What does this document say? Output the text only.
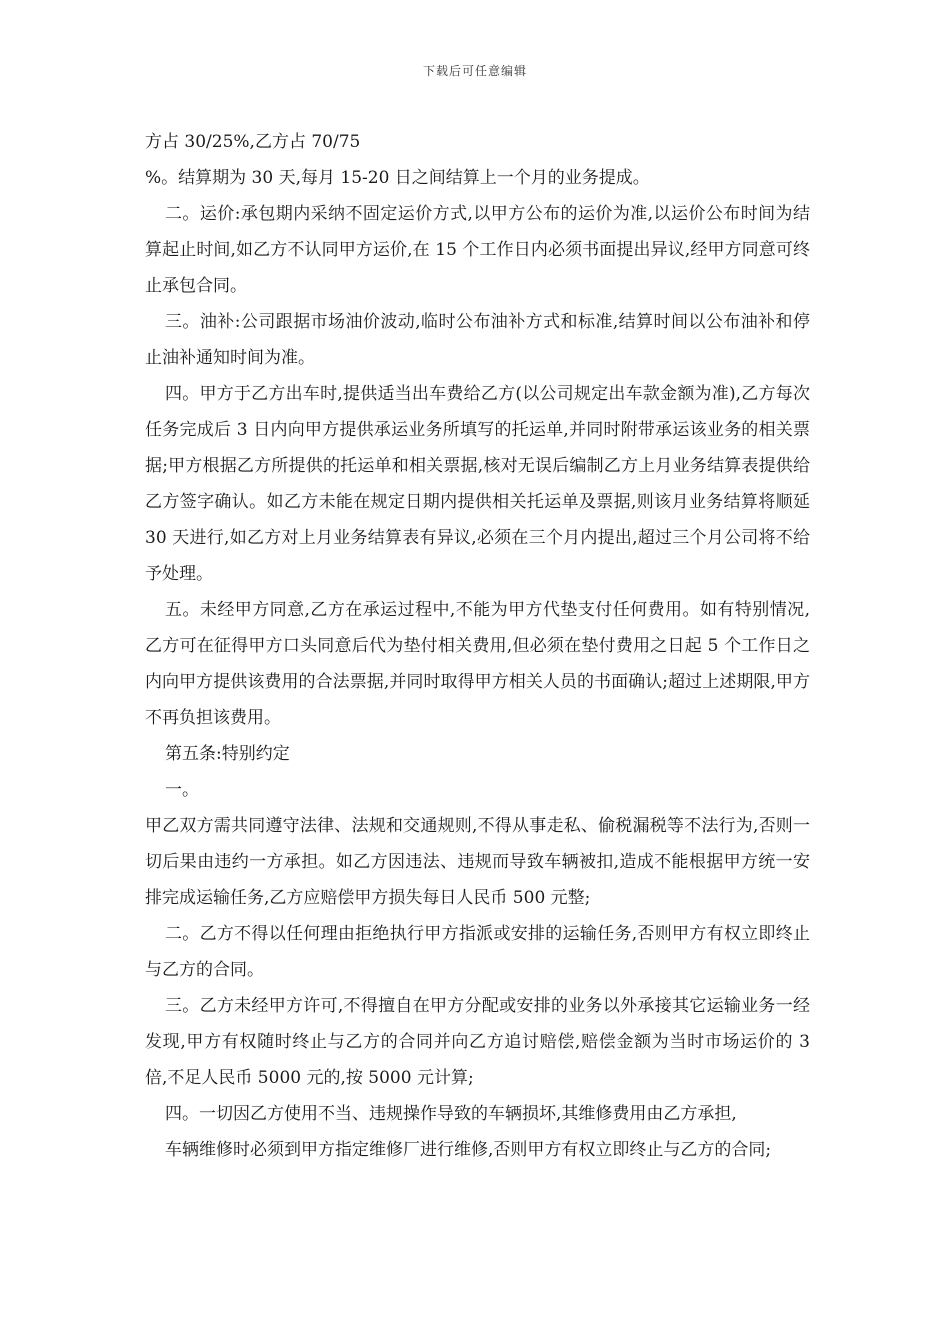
下载后可任意编辑

方占 30/25%,乙方占 70/75

%。结算期为 30 天,每月 15-20 日之间结算上一个月的业务提成。

二。运价:承包期内采纳不固定运价方式,以甲方公布的运价为准,以运价公布时间为结算起止时间,如乙方不认同甲方运价,在 15 个工作日内必须书面提出异议,经甲方同意可终止承包合同。

三。油补:公司跟据市场油价波动,临时公布油补方式和标准,结算时间以公布油补和停止油补通知时间为准。

四。甲方于乙方出车时,提供适当出车费给乙方(以公司规定出车款金额为准),乙方每次任务完成后 3 日内向甲方提供承运业务所填写的托运单,并同时附带承运该业务的相关票据;甲方根据乙方所提供的托运单和相关票据,核对无误后编制乙方上月业务结算表提供给乙方签字确认。如乙方未能在规定日期内提供相关托运单及票据,则该月业务结算将顺延 30 天进行,如乙方对上月业务结算表有异议,必须在三个月内提出,超过三个月公司将不给予处理。

五。未经甲方同意,乙方在承运过程中,不能为甲方代垫支付任何费用。如有特别情况,乙方可在征得甲方口头同意后代为垫付相关费用,但必须在垫付费用之日起 5 个工作日之内向甲方提供该费用的合法票据,并同时取得甲方相关人员的书面确认;超过上述期限,甲方不再负担该费用。

第五条:特别约定

一。

甲乙双方需共同遵守法律、法规和交通规则,不得从事走私、偷税漏税等不法行为,否则一切后果由违约一方承担。如乙方因违法、违规而导致车辆被扣,造成不能根据甲方统一安排完成运输任务,乙方应赔偿甲方损失每日人民币 500 元整;

二。乙方不得以任何理由拒绝执行甲方指派或安排的运输任务,否则甲方有权立即终止与乙方的合同。

三。乙方未经甲方许可,不得擅自在甲方分配或安排的业务以外承接其它运输业务一经发现,甲方有权随时终止与乙方的合同并向乙方追讨赔偿,赔偿金额为当时市场运价的 3 倍,不足人民币 5000 元的,按 5000 元计算;

四。一切因乙方使用不当、违规操作导致的车辆损坏,其维修费用由乙方承担,

车辆维修时必须到甲方指定维修厂进行维修,否则甲方有权立即终止与乙方的合同;
